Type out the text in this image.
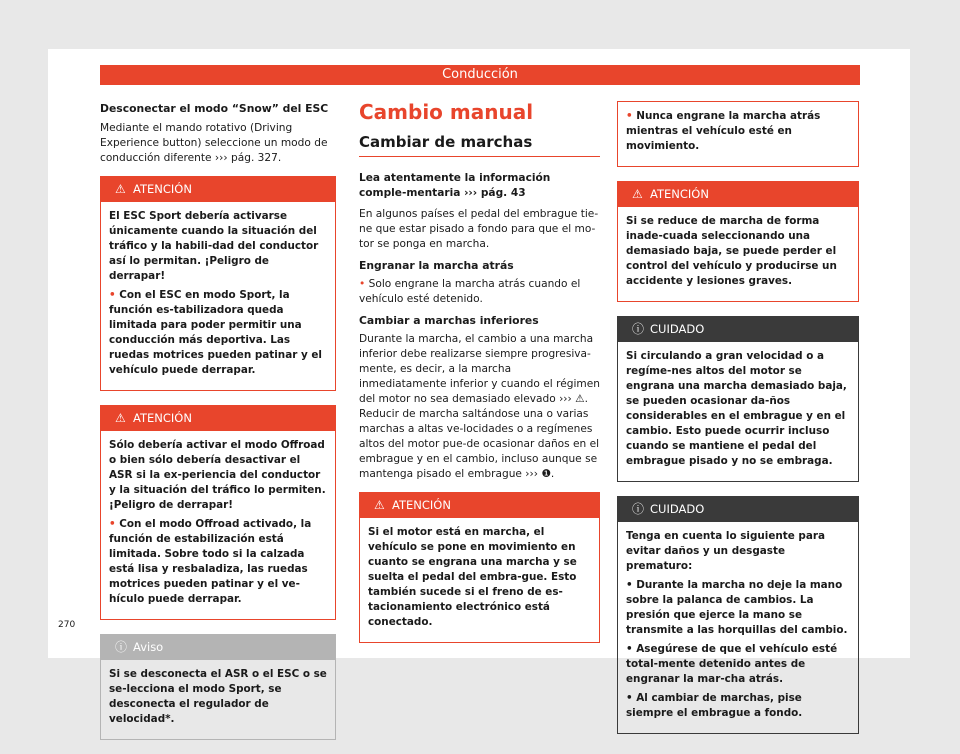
Conducción
Desconectar el modo “Snow” del ESC

Mediante el mando rotativo (Driving Experience button) seleccione un modo de conducción diferente ››› pág. 327.

⚠ ATENCIÓN

El ESC Sport debería activarse únicamente cuando la situación del tráfico y la habili-dad del conductor así lo permitan. ¡Peligro de derrapar!

• Con el ESC en modo Sport, la función es-tabilizadora queda limitada para poder permitir una conducción más deportiva. Las ruedas motrices pueden patinar y el vehículo puede derrapar.

⚠ ATENCIÓN

Sólo debería activar el modo Offroad o bien sólo debería desactivar el ASR si la ex-periencia del conductor y la situación del tráfico lo permiten. ¡Peligro de derrapar!

• Con el modo Offroad activado, la función de estabilización está limitada. Sobre todo si la calzada está lisa y resbaladiza, las ruedas motrices pueden patinar y el ve-hículo puede derrapar.

ⓘ Aviso

Si se desconecta el ASR o el ESC o se se-lecciona el modo Sport, se desconecta el regulador de velocidad*.

Cambio manual
Cambiar de marchas

Lea atentamente la información comple-mentaria ››› pág. 43

En algunos países el pedal del embrague tie-ne que estar pisado a fondo para que el mo-tor se ponga en marcha.

Engranar la marcha atrás

• Solo engrane la marcha atrás cuando el vehículo esté detenido.

Cambiar a marchas inferiores

Durante la marcha, el cambio a una marcha inferior debe realizarse siempre progresiva-mente, es decir, a la marcha inmediatamente inferior y cuando el régimen del motor no sea demasiado elevado ››› ⚠. Reducir de marcha saltándose una o varias marchas a altas ve-locidades o a regímenes altos del motor pue-de ocasionar daños en el embrague y en el cambio, incluso aunque se mantenga pisado el embrague ››› ❶.

⚠ ATENCIÓN

Si el motor está en marcha, el vehículo se pone en movimiento en cuanto se engrana una marcha y se suelta el pedal del embra-gue. Esto también sucede si el freno de es-tacionamiento electrónico está conectado.

• Nunca engrane la marcha atrás mientras el vehículo esté en movimiento.

⚠ ATENCIÓN

Si se reduce de marcha de forma inade-cuada seleccionando una demasiado baja, se puede perder el control del vehículo y producirse un accidente y lesiones graves.

ⓘ CUIDADO

Si circulando a gran velocidad o a regíme-nes altos del motor se engrana una marcha demasiado baja, se pueden ocasionar da-ños considerables en el embrague y en el cambio. Esto puede ocurrir incluso cuando se mantiene el pedal del embrague pisado y no se embraga.

ⓘ CUIDADO

Tenga en cuenta lo siguiente para evitar daños y un desgaste prematuro:

• Durante la marcha no deje la mano sobre la palanca de cambios. La presión que ejerce la mano se transmite a las horquillas del cambio.

• Asegúrese de que el vehículo esté total-mente detenido antes de engranar la mar-cha atrás.

• Al cambiar de marchas, pise siempre el embrague a fondo.

270
